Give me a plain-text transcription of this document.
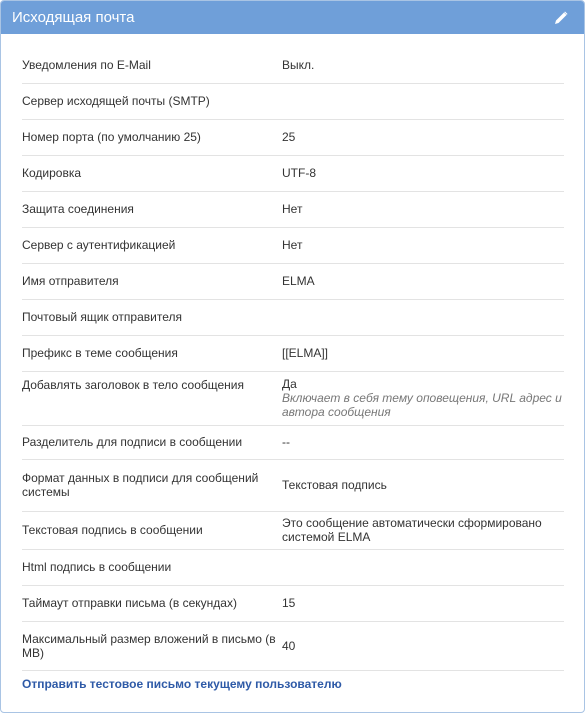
Исходящая почта
Уведомления по E-Mail	Выкл.
Сервер исходящей почты (SMTP)	
Номер порта (по умолчанию 25)	25
Кодировка	UTF-8
Защита соединения	Нет
Сервер с аутентификацией	Нет
Имя отправителя	ELMA
Почтовый ящик отправителя	
Префикс в теме сообщения	[[ELMA]]
Добавлять заголовок в тело сообщения	Да
Включает в себя тему оповещения, URL адрес и автора сообщения

Разделитель для подписи в сообщении	--
Формат данных в подписи для сообщений системы	Текстовая подпись
Текстовая подпись в сообщении	Это сообщение автоматически сформировано системой ELMA
Html подпись в сообщении	
Таймаут отправки письма (в секундах)	15
Максимальный размер вложений в письмо (в MB)	40
Отправить тестовое письмо текущему пользователю
